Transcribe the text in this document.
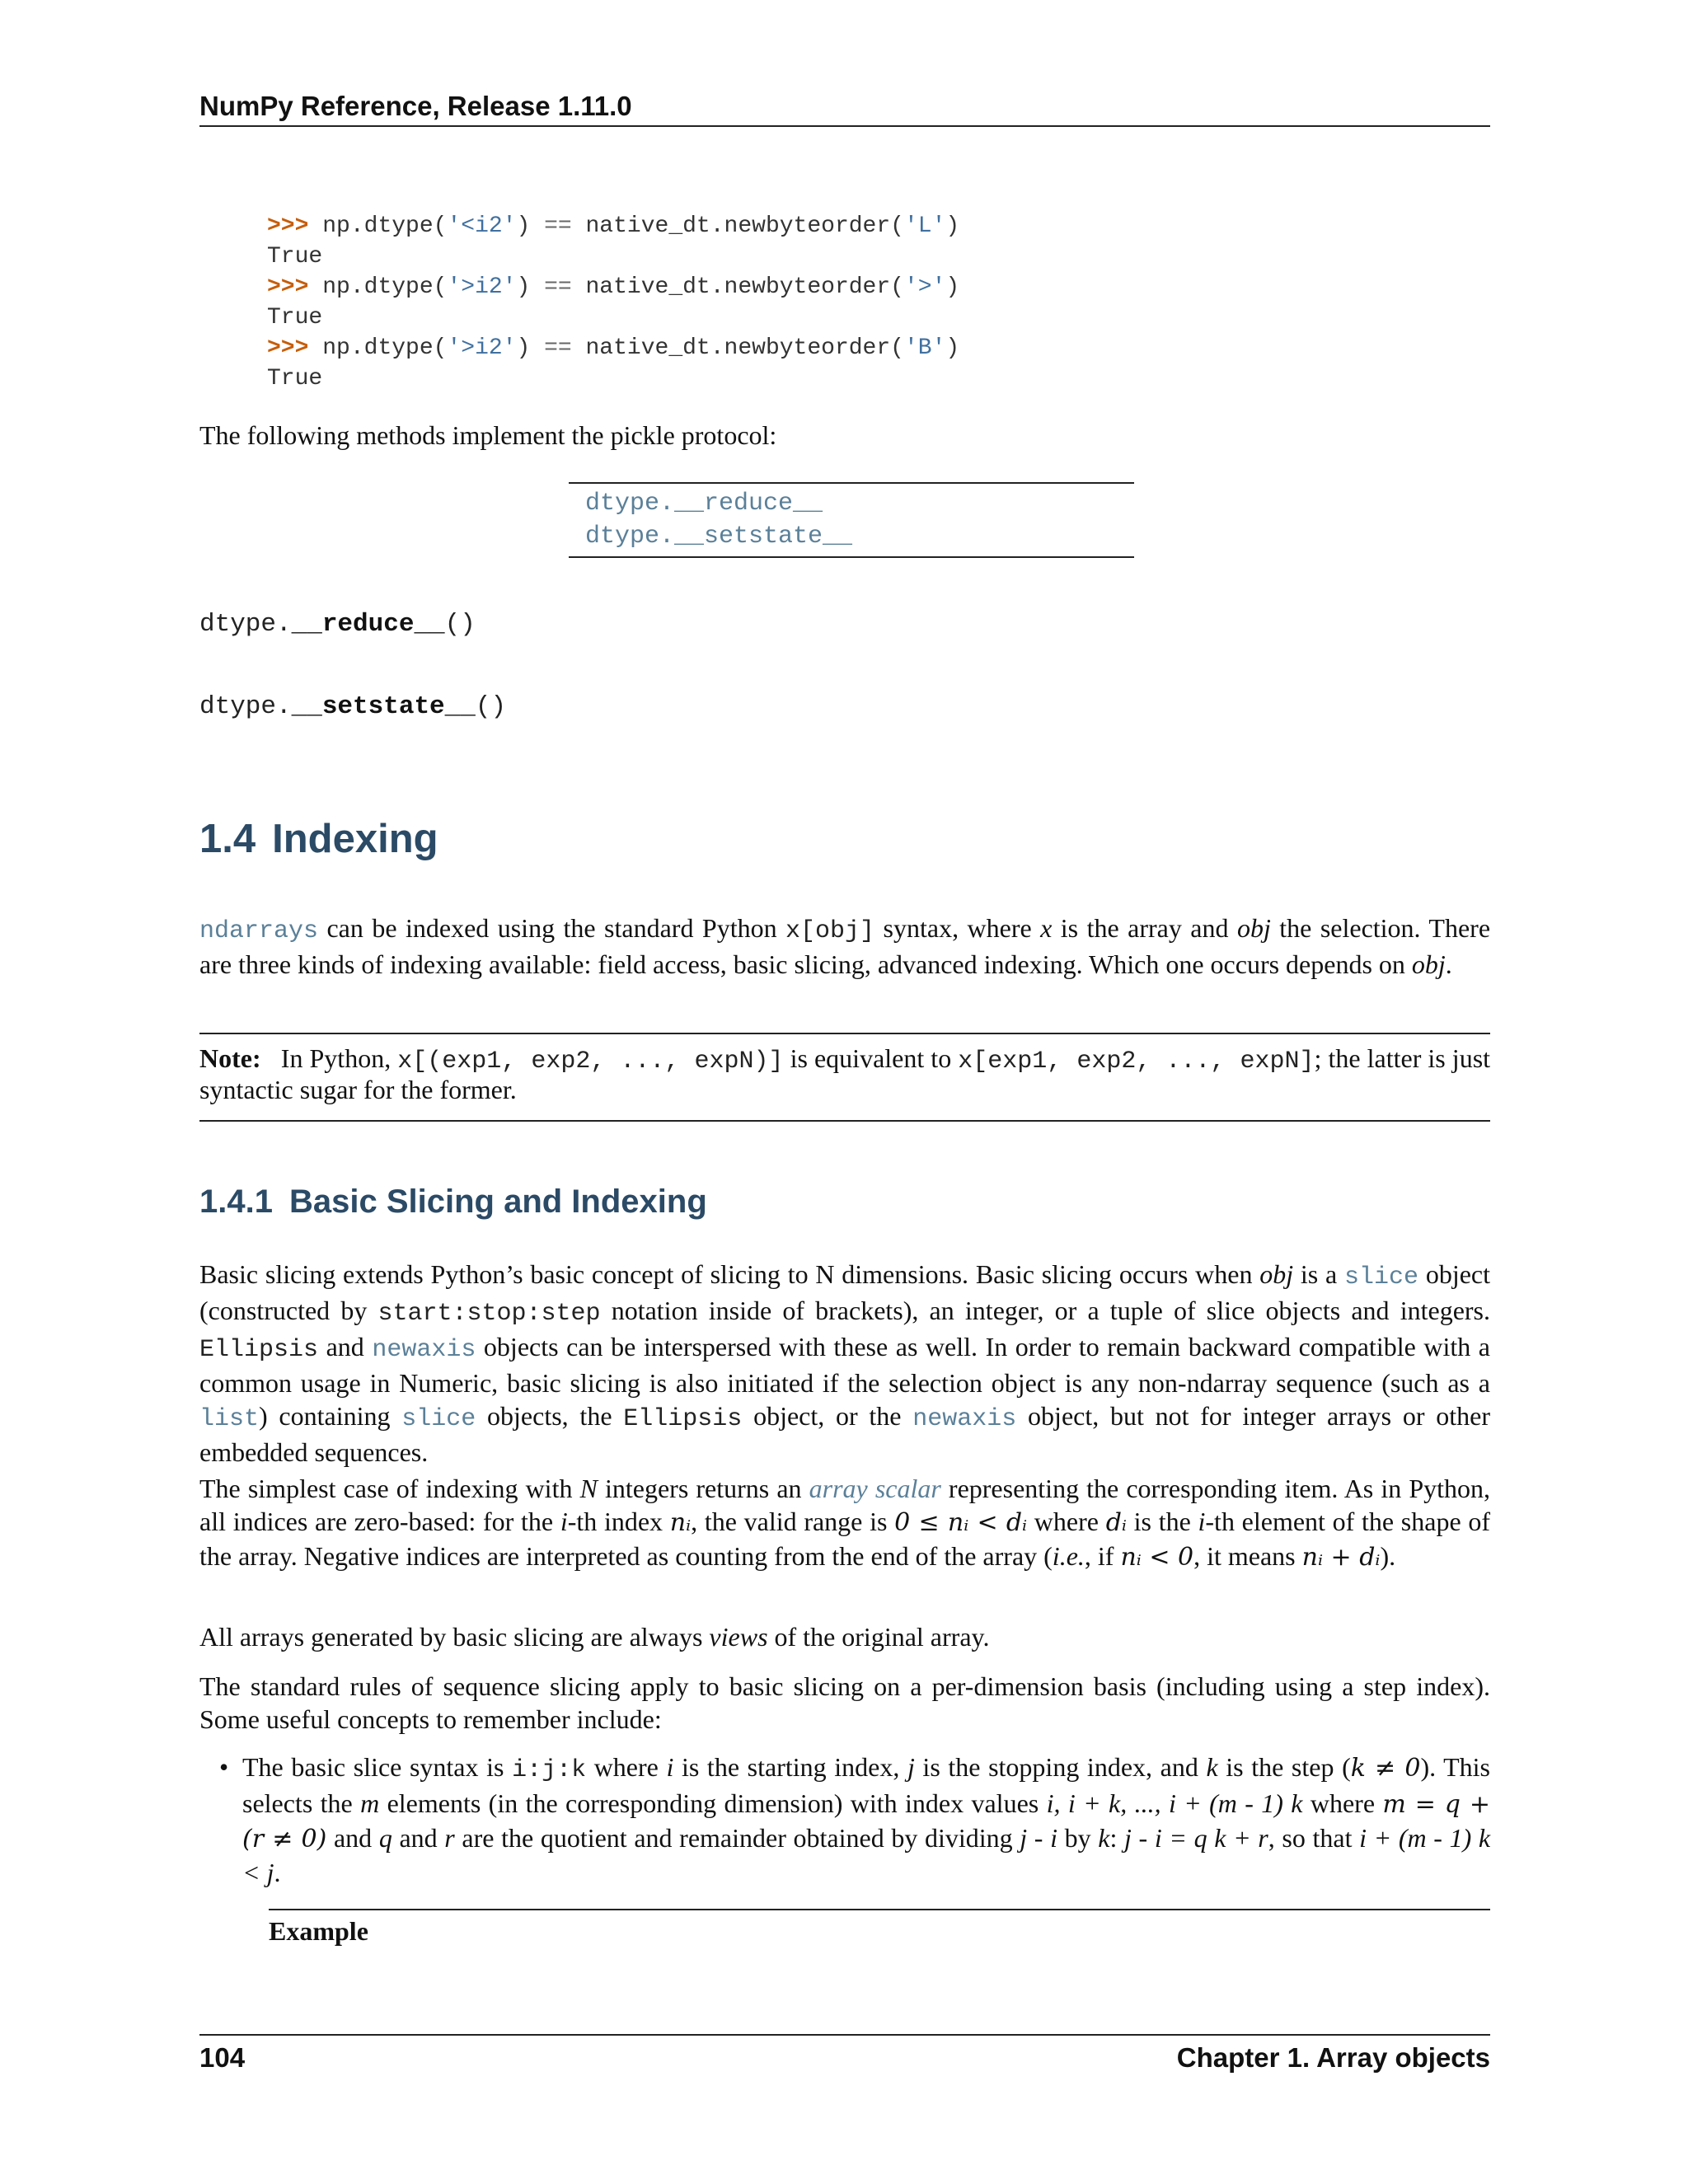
NumPy Reference, Release 1.11.0
>>> np.dtype('<i2') == native_dt.newbyteorder('L')
True
>>> np.dtype('>i2') == native_dt.newbyteorder('>')
True
>>> np.dtype('>i2') == native_dt.newbyteorder('B')
True
The following methods implement the pickle protocol:
dtype.__reduce__
dtype.__setstate__
dtype.__reduce__()
dtype.__setstate__()
1.4 Indexing
ndarrays can be indexed using the standard Python x[obj] syntax, where x is the array and obj the selection. There are three kinds of indexing available: field access, basic slicing, advanced indexing. Which one occurs depends on obj.
Note: In Python, x[(exp1, exp2, ..., expN)] is equivalent to x[exp1, exp2, ..., expN]; the latter is just syntactic sugar for the former.
1.4.1 Basic Slicing and Indexing
Basic slicing extends Python’s basic concept of slicing to N dimensions. Basic slicing occurs when obj is a slice object (constructed by start:stop:step notation inside of brackets), an integer, or a tuple of slice objects and integers. Ellipsis and newaxis objects can be interspersed with these as well. In order to remain backward compatible with a common usage in Numeric, basic slicing is also initiated if the selection object is any non-ndarray sequence (such as a list) containing slice objects, the Ellipsis object, or the newaxis object, but not for integer arrays or other embedded sequences.
The simplest case of indexing with N integers returns an array scalar representing the corresponding item. As in Python, all indices are zero-based: for the i-th index nᵢ, the valid range is 0 ≤ nᵢ < dᵢ where dᵢ is the i-th element of the shape of the array. Negative indices are interpreted as counting from the end of the array (i.e., if nᵢ < 0, it means nᵢ + dᵢ).
All arrays generated by basic slicing are always views of the original array.
The standard rules of sequence slicing apply to basic slicing on a per-dimension basis (including using a step index). Some useful concepts to remember include:
• The basic slice syntax is i:j:k where i is the starting index, j is the stopping index, and k is the step (k ≠ 0). This selects the m elements (in the corresponding dimension) with index values i, i + k, ..., i + (m - 1) k where m = q + (r ≠ 0) and q and r are the quotient and remainder obtained by dividing j - i by k: j - i = q k + r, so that i + (m - 1) k < j.
Example
104	Chapter 1. Array objects
